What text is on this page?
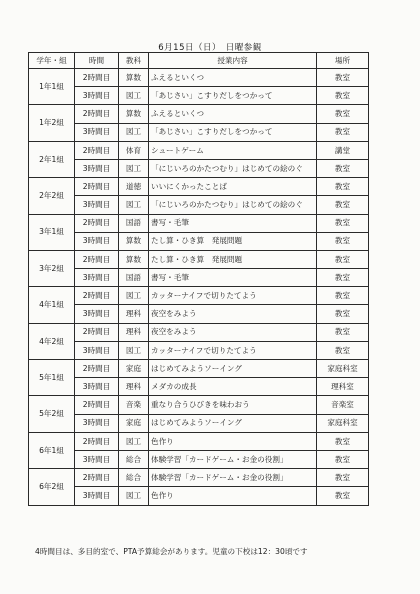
6月15日（日）　日曜参観
学年・組	時間	教科	授業内容	場所
1年1組	2時間目	算数	ふえるといくつ	教室
	3時間目	図工	「あじさい」こすりだしをつかって	教室
1年2組	2時間目	算数	ふえるといくつ	教室
	3時間目	図工	「あじさい」こすりだしをつかって	教室
2年1組	2時間目	体育	シュートゲーム	講堂
	3時間目	図工	「にじいろのかたつむり」はじめての絵のぐ	教室
2年2組	2時間目	道徳	いいにくかったことば	教室
	3時間目	図工	「にじいろのかたつむり」はじめての絵のぐ	教室
3年1組	2時間目	国語	書写・毛筆	教室
	3時間目	算数	たし算・ひき算　発展問題	教室
3年2組	2時間目	算数	たし算・ひき算　発展問題	教室
	3時間目	国語	書写・毛筆	教室
4年1組	2時間目	図工	カッターナイフで切りたてよう	教室
	3時間目	理科	夜空をみよう	教室
4年2組	2時間目	理科	夜空をみよう	教室
	3時間目	図工	カッターナイフで切りたてよう	教室
5年1組	2時間目	家庭	はじめてみようソーイング	家庭科室
	3時間目	理科	メダカの成長	理科室
5年2組	2時間目	音楽	重なり合うひびきを味わおう	音楽室
	3時間目	家庭	はじめてみようソーイング	家庭科室
6年1組	2時間目	図工	色作り	教室
	3時間目	総合	体験学習「カードゲーム・お金の役割」	教室
6年2組	2時間目	総合	体験学習「カードゲーム・お金の役割」	教室
	3時間目	図工	色作り	教室
4時間目は、多目的室で、PTA予算総会があります。児童の下校は12：30頃です
